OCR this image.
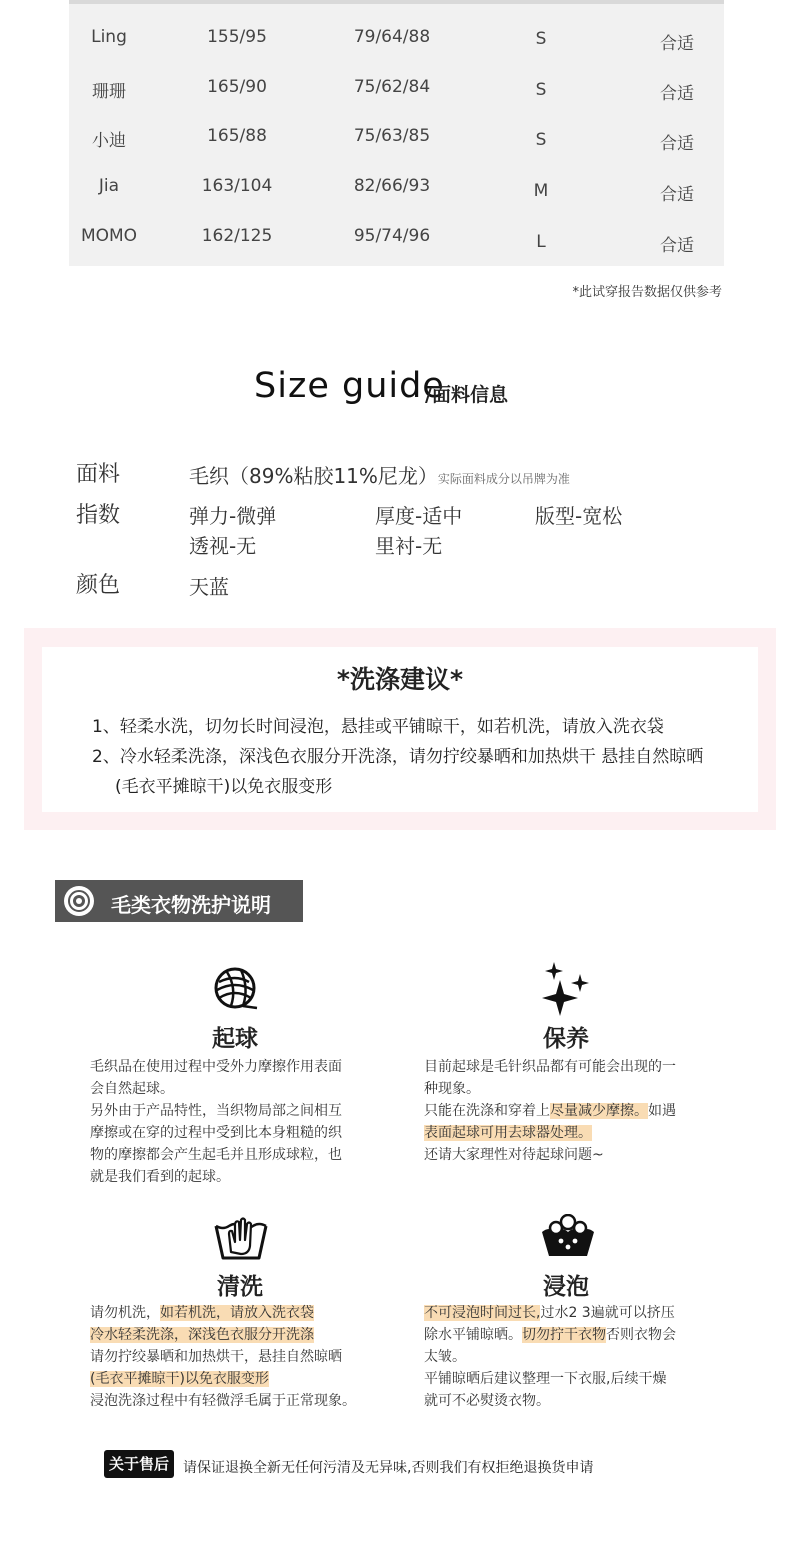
Ling	155/95	79/64/88	S	合适
珊珊	165/90	75/62/84	S	合适
小迪	165/88	75/63/85	S	合适
Jia	163/104	82/66/93	M	合适
MOMO	162/125	95/74/96	L	合适
*此试穿报告数据仅供参考
Size guide
/面料信息
面料	毛织（89%粘胶11%尼龙）实际面料成分以吊牌为准
指数	弹力-微弹	厚度-适中	版型-宽松
透视-无	里衬-无
颜色	天蓝
*洗涤建议*
1、轻柔水洗，切勿长时间浸泡，悬挂或平铺晾干，如若机洗，请放入洗衣袋
2、冷水轻柔洗涤，深浅色衣服分开洗涤，请勿拧绞暴晒和加热烘干 悬挂自然晾晒
(毛衣平摊晾干)以免衣服变形
毛类衣物洗护说明
起球
毛织品在使用过程中受外力摩擦作用表面
会自然起球。
另外由于产品特性，当织物局部之间相互
摩擦或在穿的过程中受到比本身粗糙的织
物的摩擦都会产生起毛并且形成球粒，也
就是我们看到的起球。
保养
目前起球是毛针织品都有可能会出现的一
种现象。
只能在洗涤和穿着上尽量减少摩擦。如遇
表面起球可用去球器处理。
还请大家理性对待起球问题~
清洗
请勿机洗，如若机洗，请放入洗衣袋
冷水轻柔洗涤，深浅色衣服分开洗涤
请勿拧绞暴晒和加热烘干，悬挂自然晾晒
(毛衣平摊晾干)以免衣服变形
浸泡洗涤过程中有轻微浮毛属于正常现象。
浸泡
不可浸泡时间过长,过水2 3遍就可以挤压
除水平铺晾晒。切勿拧干衣物否则衣物会
太皱。
平铺晾晒后建议整理一下衣服,后续干燥
就可不必熨烫衣物。
关于售后	请保证退换全新无任何污清及无异味,否则我们有权拒绝退换货申请
